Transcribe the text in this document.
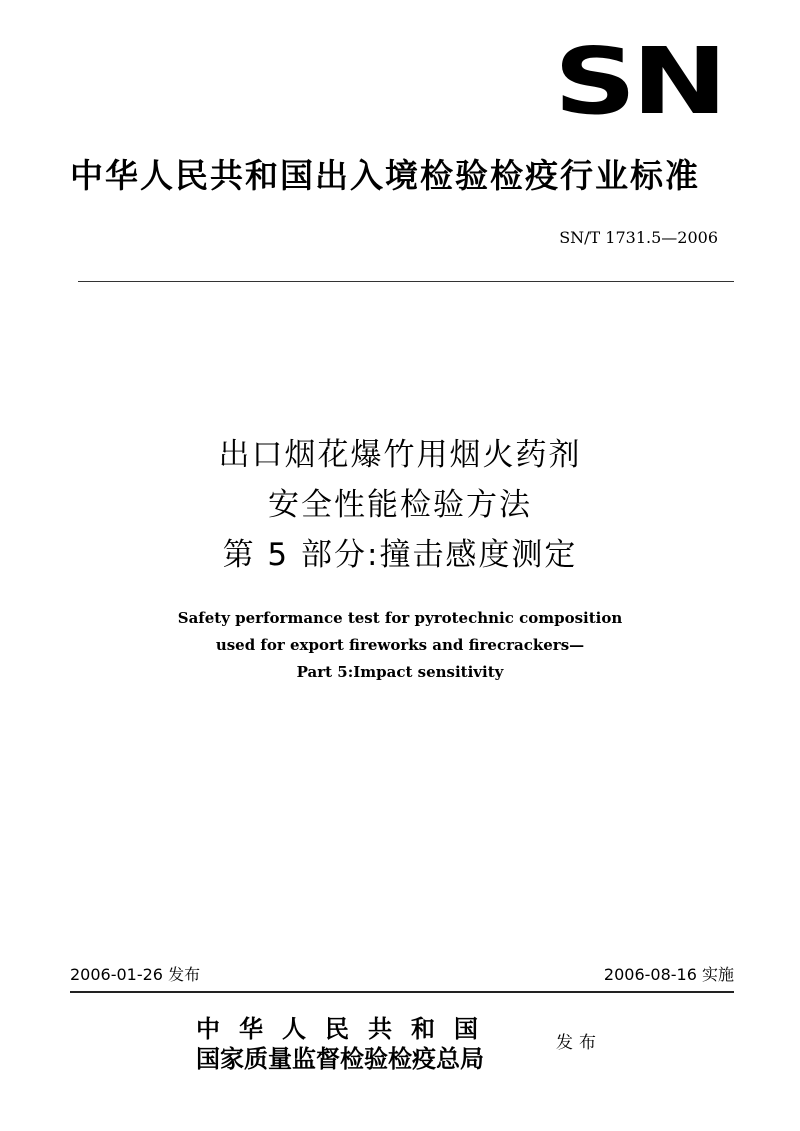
SN
中华人民共和国出入境检验检疫行业标准
SN/T 1731.5—2006
出口烟花爆竹用烟火药剂
安全性能检验方法
第 5 部分:撞击感度测定
Safety performance test for pyrotechnic composition
used for export fireworks and firecrackers—
Part 5:Impact sensitivity
2006-01-26 发布	2006-08-16 实施
中华人民共和国
国家质量监督检验检疫总局
发布
